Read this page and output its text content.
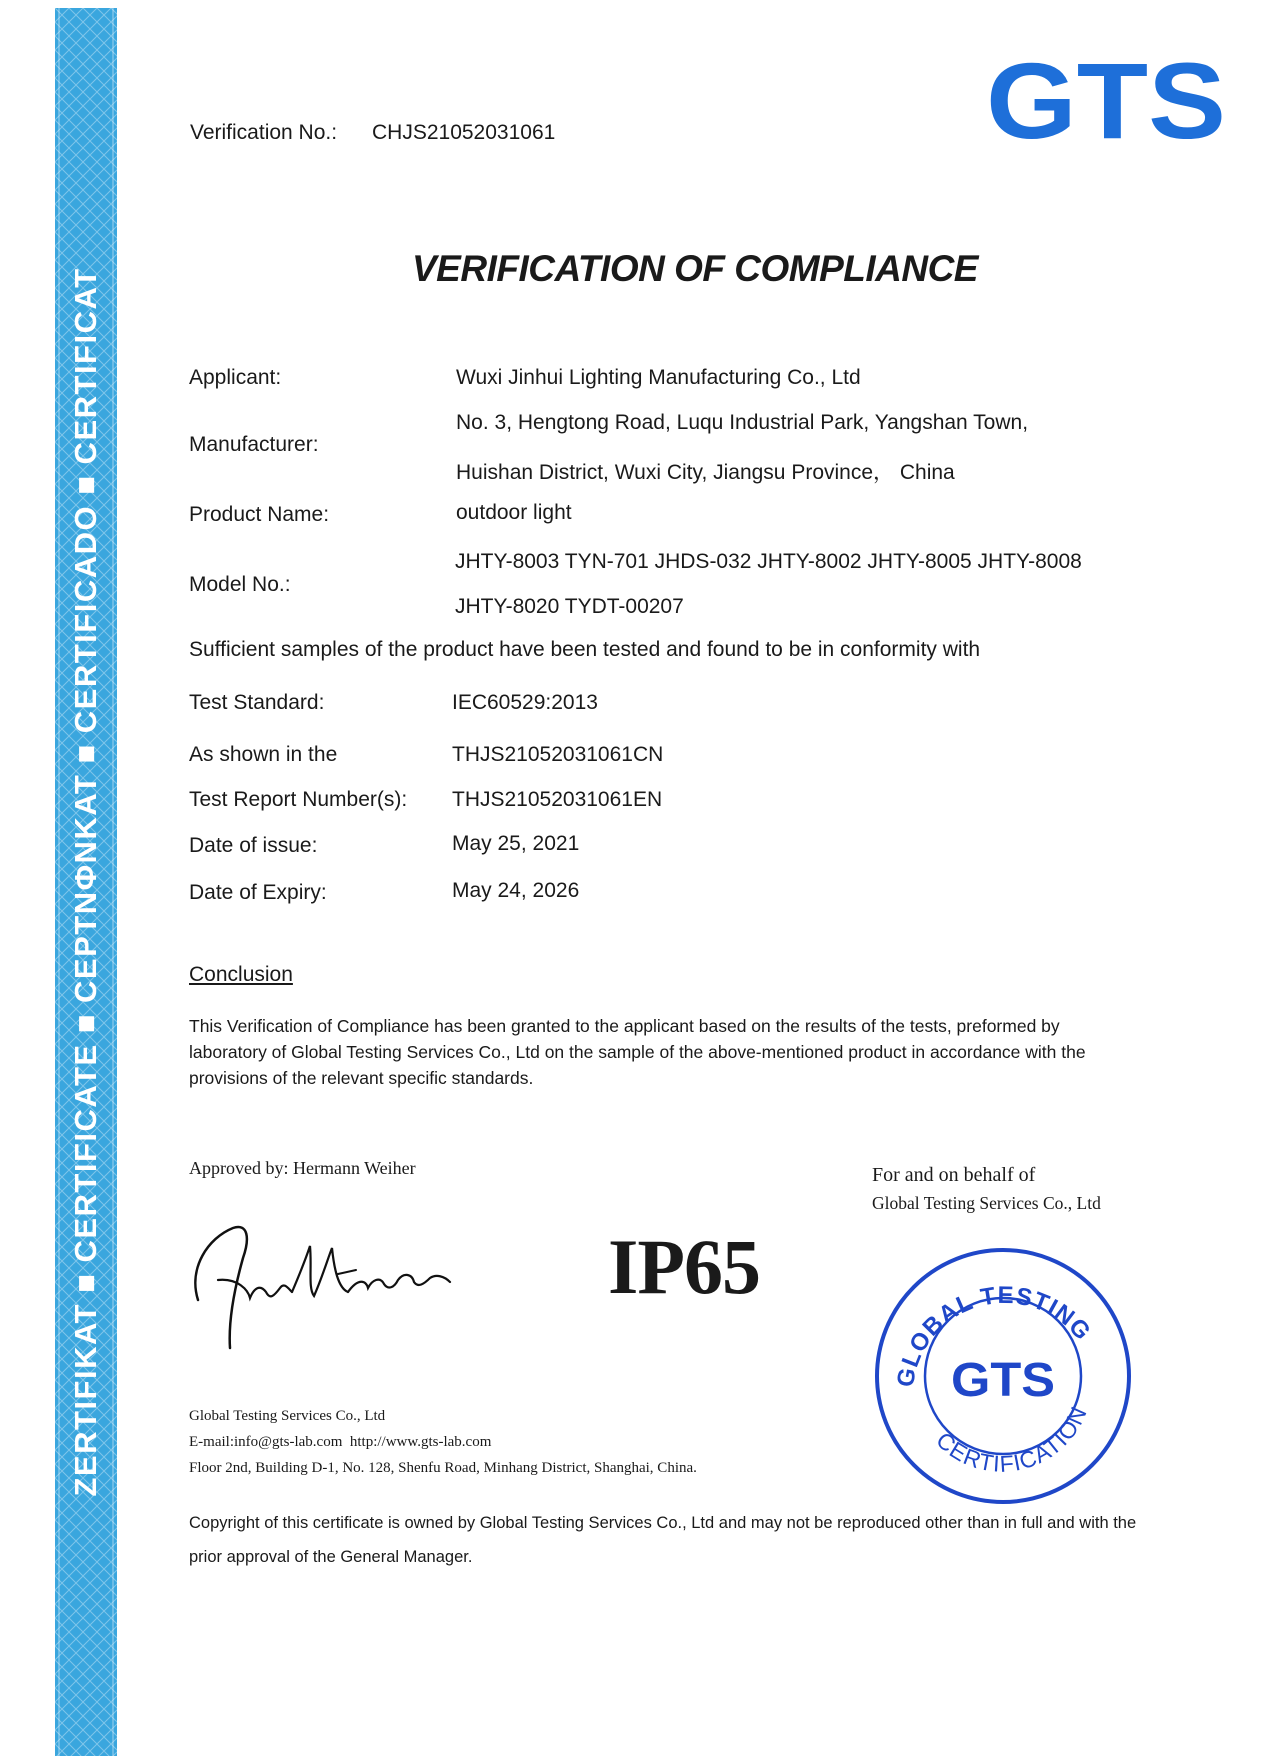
ZERTIFIKAT ■ CERTIFICATE ■ CEPTNΦNKAT ■ CERTIFICADO ■ CERTIFICAT
GTS
Verification No.: CHJS21052031061
VERIFICATION OF COMPLIANCE
Applicant:	Wuxi Jinhui Lighting Manufacturing Co., Ltd
Manufacturer:
No. 3, Hengtong Road, Luqu Industrial Park, Yangshan Town,
Huishan District, Wuxi City, Jiangsu Province， China
Product Name:	outdoor light
Model No.:
JHTY-8003 TYN-701 JHDS-032 JHTY-8002 JHTY-8005 JHTY-8008
JHTY-8020 TYDT-00207
Sufficient samples of the product have been tested and found to be in conformity with
Test Standard:	IEC60529:2013
As shown in the	THJS21052031061CN
Test Report Number(s): THJS21052031061EN
Date of issue:	May 25, 2021
Date of Expiry:	May 24, 2026
Conclusion
This Verification of Compliance has been granted to the applicant based on the results of the tests, preformed by
laboratory of Global Testing Services Co., Ltd on the sample of the above-mentioned product in accordance with the
provisions of the relevant specific standards.
Approved by: Hermann Weiher
IP65
For and on behalf of
Global Testing Services Co., Ltd
GLOBAL TESTING
CERTIFICATION
GTS
Global Testing Services Co., Ltd
E-mail:info@gts-lab.com  http://www.gts-lab.com
Floor 2nd, Building D-1, No. 128, Shenfu Road, Minhang District, Shanghai, China.
Copyright of this certificate is owned by Global Testing Services Co., Ltd and may not be reproduced other than in full and with the
prior approval of the General Manager.
